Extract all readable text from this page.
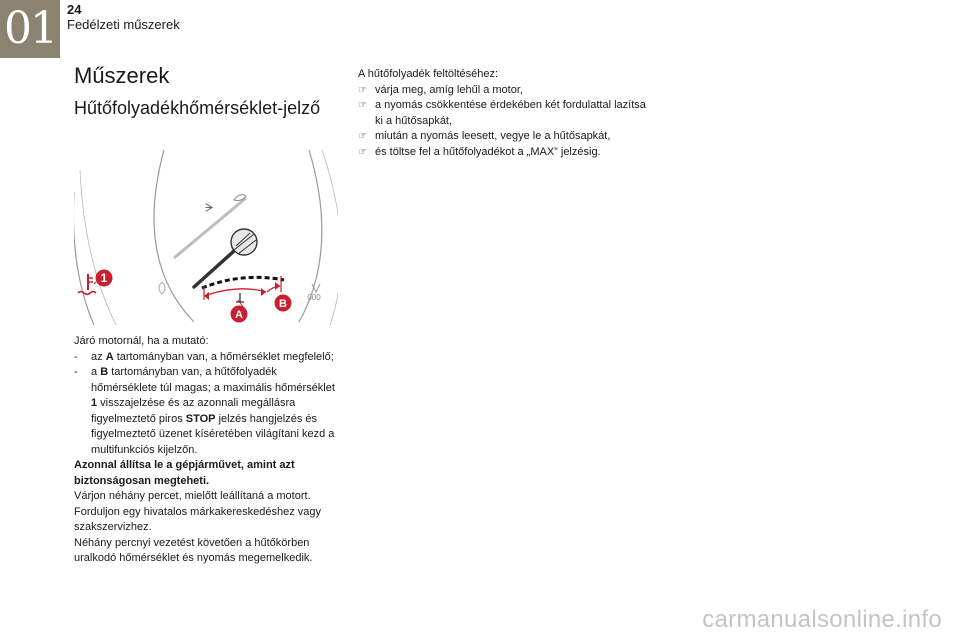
01 24
Fedélzeti műszerek
Műszerek
Hűtőfolyadékhőmérséklet-jelző
ᗒ
1
A
B
000

Járó motornál, ha a mutató:

- az A tartományban van, a hőmérséklet megfelelő;
- a B tartományban van, a hűtőfolyadék hőmérséklete túl magas; a maximális hőmérséklet 1 visszajelzése és az azonnali megállásra figyelmeztető piros STOP jelzés hangjelzés és figyelmeztető üzenet kíséretében világítani kezd a multifunkciós kijelzőn.

Azonnal állítsa le a gépjárművet, amint azt biztonságosan megteheti.

Várjon néhány percet, mielőtt leállítaná a motort.

Forduljon egy hivatalos márkakereskedéshez vagy szakszervizhez.

Néhány percnyi vezetést követően a hűtőkörben uralkodó hőmérséklet és nyomás megemelkedik.

A hűtőfolyadék feltöltéséhez:

☞ várja meg, amíg lehűl a motor,
☞ a nyomás csökkentése érdekében két fordulattal lazítsa ki a hűtősapkát,
☞ miután a nyomás leesett, vegye le a hűtősapkát,
☞ és töltse fel a hűtőfolyadékot a „MAX” jelzésig.
carmanualsonline.info
